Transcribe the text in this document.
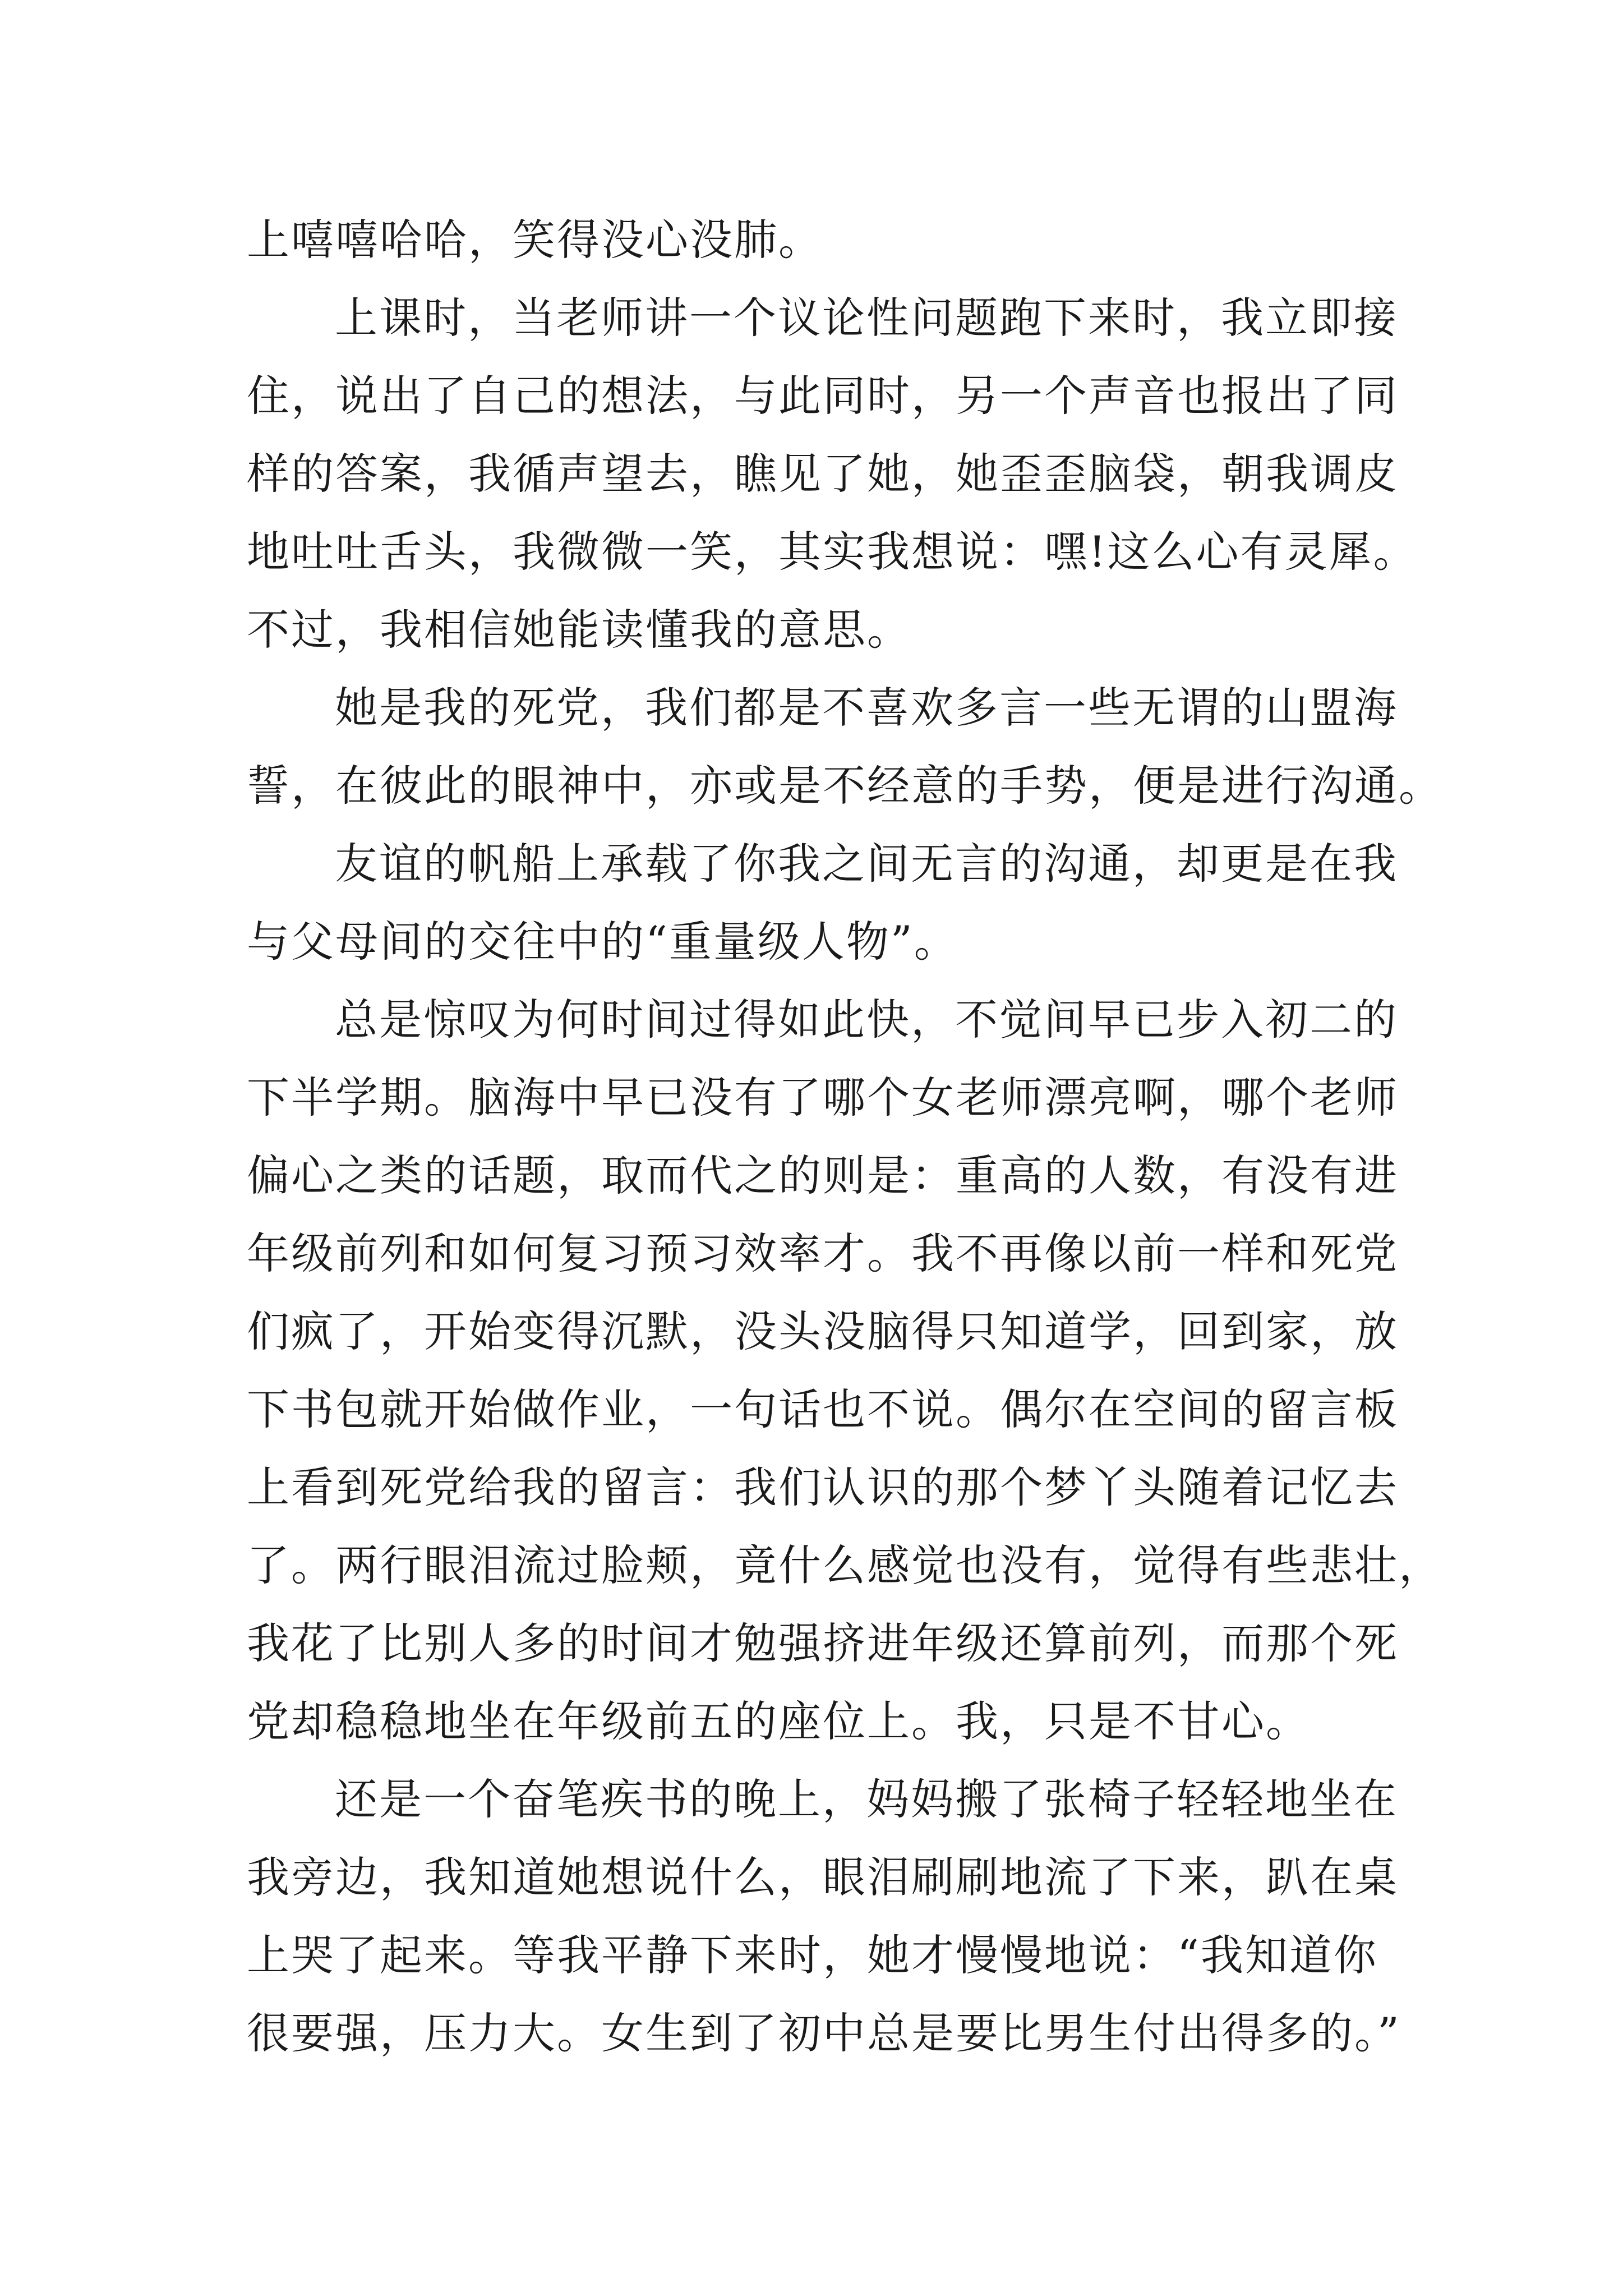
上嘻嘻哈哈，笑得没心没肺。
上课时，当老师讲一个议论性问题跑下来时，我立即接
住，说出了自己的想法，与此同时，另一个声音也报出了同
样的答案，我循声望去，瞧见了她，她歪歪脑袋，朝我调皮
地吐吐舌头，我微微一笑，其实我想说：嘿!这么心有灵犀。
不过，我相信她能读懂我的意思。
她是我的死党，我们都是不喜欢多言一些无谓的山盟海
誓，在彼此的眼神中，亦或是不经意的手势，便是进行沟通。
友谊的帆船上承载了你我之间无言的沟通，却更是在我
与父母间的交往中的“重量级人物”。
总是惊叹为何时间过得如此快，不觉间早已步入初二的
下半学期。脑海中早已没有了哪个女老师漂亮啊，哪个老师
偏心之类的话题，取而代之的则是：重高的人数，有没有进
年级前列和如何复习预习效率才。我不再像以前一样和死党
们疯了，开始变得沉默，没头没脑得只知道学，回到家，放
下书包就开始做作业，一句话也不说。偶尔在空间的留言板
上看到死党给我的留言：我们认识的那个梦丫头随着记忆去
了。两行眼泪流过脸颊，竟什么感觉也没有，觉得有些悲壮，
我花了比别人多的时间才勉强挤进年级还算前列，而那个死
党却稳稳地坐在年级前五的座位上。我，只是不甘心。
还是一个奋笔疾书的晚上，妈妈搬了张椅子轻轻地坐在
我旁边，我知道她想说什么，眼泪刷刷地流了下来，趴在桌
上哭了起来。等我平静下来时，她才慢慢地说：“我知道你
很要强，压力大。女生到了初中总是要比男生付出得多的。”
